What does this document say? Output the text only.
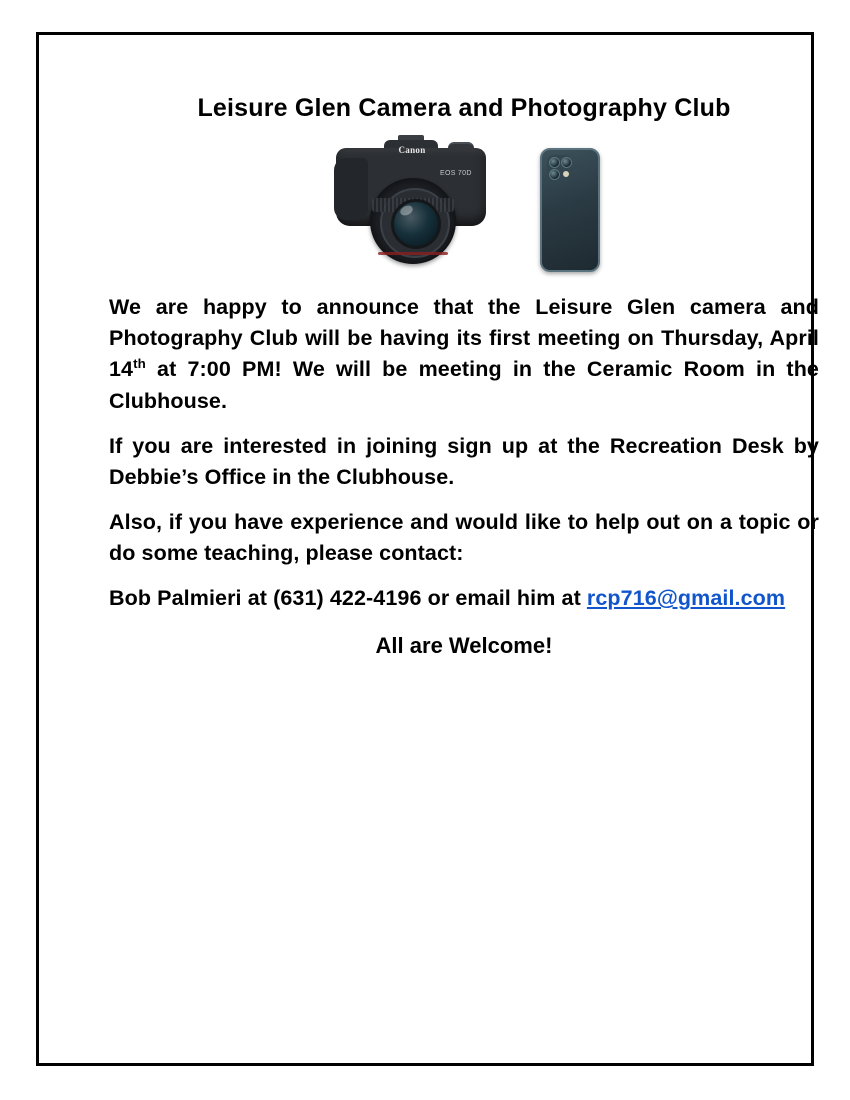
Leisure Glen Camera and Photography Club
Canon
EOS 70D

We are happy to announce that the Leisure Glen camera and Photography Club will be having its first meeting on Thursday, April 14th at 7:00 PM! We will be meeting in the Ceramic Room in the Clubhouse.

If you are interested in joining sign up at the Recreation Desk by Debbie’s Office in the Clubhouse.

Also, if you have experience and would like to help out on a topic or do some teaching, please contact:

Bob Palmieri at (631) 422-4196 or email him at rcp716@gmail.com

All are Welcome!
